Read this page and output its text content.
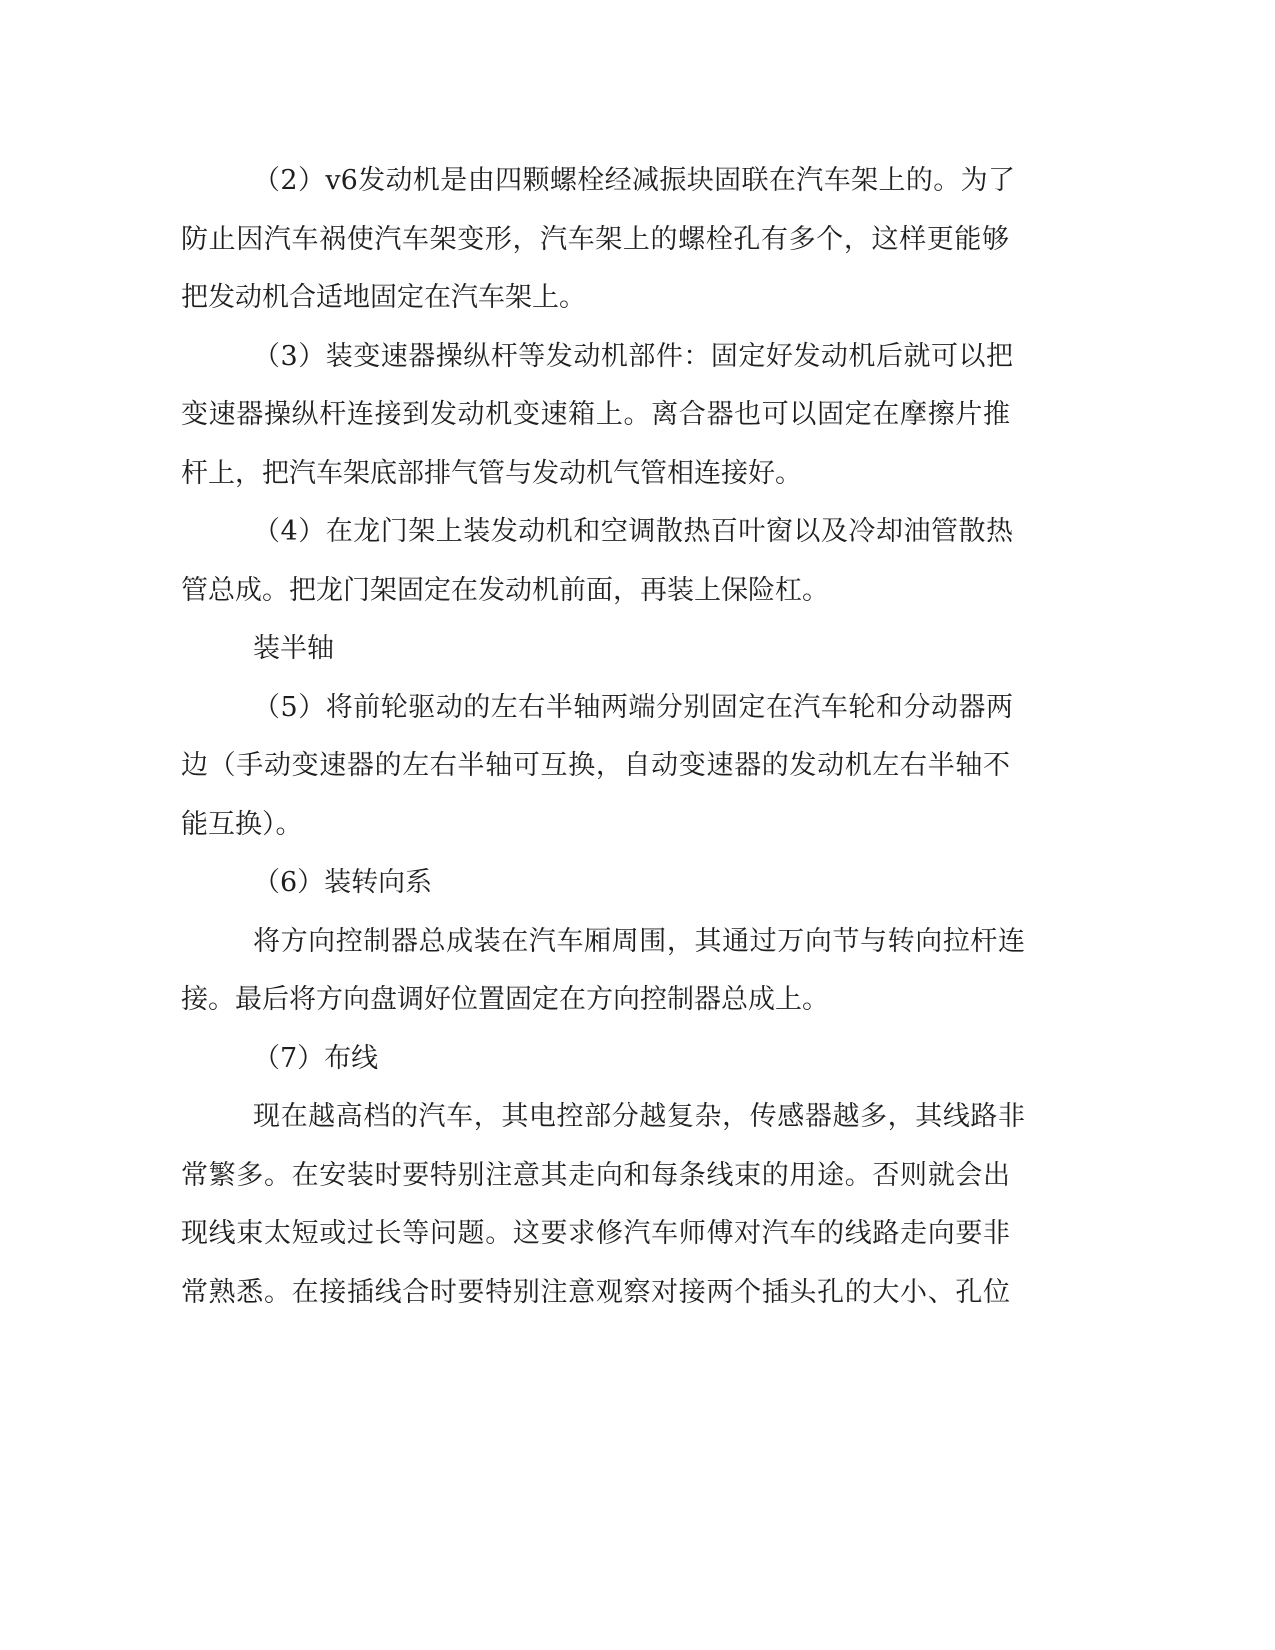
（2）v6发动机是由四颗螺栓经减振块固联在汽车架上的。为了
防止因汽车祸使汽车架变形，汽车架上的螺栓孔有多个，这样更能够
把发动机合适地固定在汽车架上。
（3）装变速器操纵杆等发动机部件：固定好发动机后就可以把
变速器操纵杆连接到发动机变速箱上。离合器也可以固定在摩擦片推
杆上，把汽车架底部排气管与发动机气管相连接好。
（4）在龙门架上装发动机和空调散热百叶窗以及冷却油管散热
管总成。把龙门架固定在发动机前面，再装上保险杠。
装半轴
（5）将前轮驱动的左右半轴两端分别固定在汽车轮和分动器两
边（手动变速器的左右半轴可互换，自动变速器的发动机左右半轴不
能互换）。
（6）装转向系
将方向控制器总成装在汽车厢周围，其通过万向节与转向拉杆连
接。最后将方向盘调好位置固定在方向控制器总成上。
（7）布线
现在越高档的汽车，其电控部分越复杂，传感器越多，其线路非
常繁多。在安装时要特别注意其走向和每条线束的用途。否则就会出
现线束太短或过长等问题。这要求修汽车师傅对汽车的线路走向要非
常熟悉。在接插线合时要特别注意观察对接两个插头孔的大小、孔位
